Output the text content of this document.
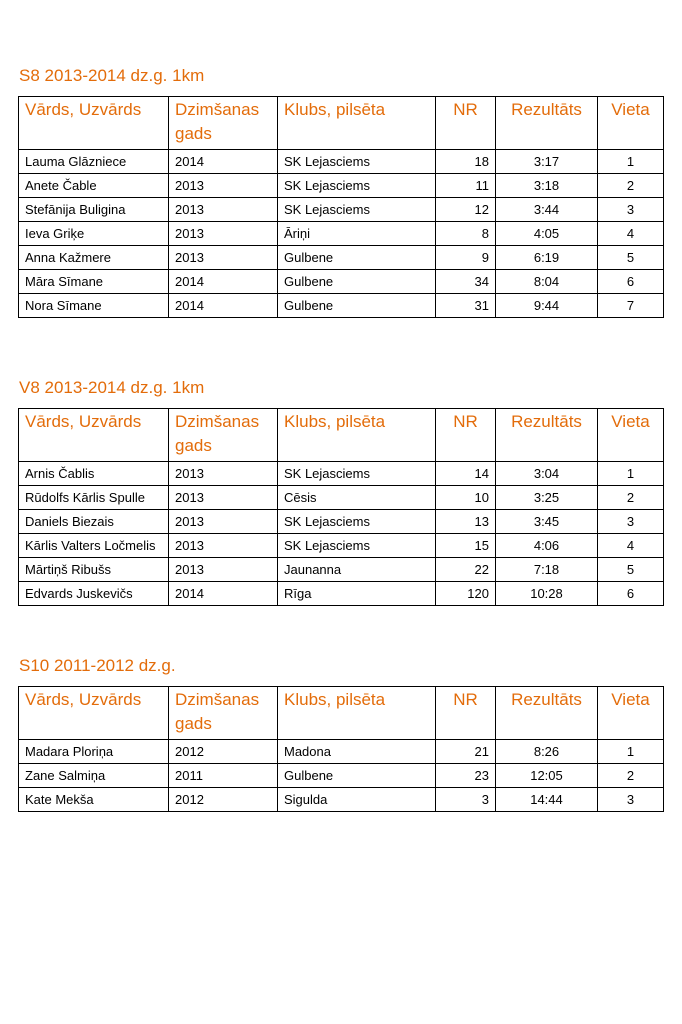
S8 2013-2014 dz.g. 1km
Vārds, Uzvārds	Dzimšanas gads	Klubs, pilsēta	NR	Rezultāts	Vieta
Lauma Glāzniece	2014	SK Lejasciems	18	3:17	1
Anete Čable	2013	SK Lejasciems	11	3:18	2
Stefānija Buligina	2013	SK Lejasciems	12	3:44	3
Ieva Griķe	2013	Āriņi	8	4:05	4
Anna Kažmere	2013	Gulbene	9	6:19	5
Māra Sīmane	2014	Gulbene	34	8:04	6
Nora Sīmane	2014	Gulbene	31	9:44	7
V8 2013-2014 dz.g. 1km
Vārds, Uzvārds	Dzimšanas gads	Klubs, pilsēta	NR	Rezultāts	Vieta
Arnis Čablis	2013	SK Lejasciems	14	3:04	1
Rūdolfs Kārlis Spulle	2013	Cēsis	10	3:25	2
Daniels Biezais	2013	SK Lejasciems	13	3:45	3
Kārlis Valters Ločmelis	2013	SK Lejasciems	15	4:06	4
Mārtiņš Ribušs	2013	Jaunanna	22	7:18	5
Edvards Juskevičs	2014	Rīga	120	10:28	6
S10 2011-2012 dz.g.
Vārds, Uzvārds	Dzimšanas gads	Klubs, pilsēta	NR	Rezultāts	Vieta
Madara Ploriņa	2012	Madona	21	8:26	1
Zane Salmiņa	2011	Gulbene	23	12:05	2
Kate Mekša	2012	Sigulda	3	14:44	3
